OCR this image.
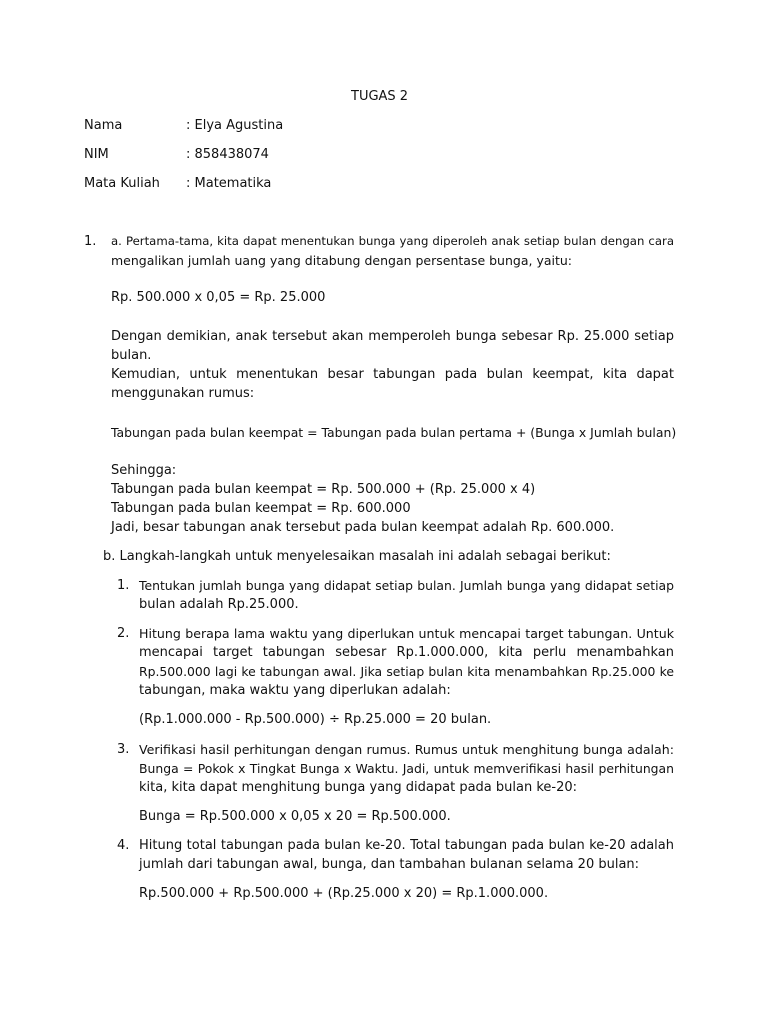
TUGAS 2
Nama	: Elya Agustina
NIM	: 858438074
Mata Kuliah : Matematika
1. a. Pertama-tama, kita dapat menentukan bunga yang diperoleh anak setiap bulan dengan cara
mengalikan jumlah uang yang ditabung dengan persentase bunga, yaitu:
Rp. 500.000 x 0,05 = Rp. 25.000
Dengan demikian, anak tersebut akan memperoleh bunga sebesar Rp. 25.000 setiap
bulan.
Kemudian, untuk menentukan besar tabungan pada bulan keempat, kita dapat
menggunakan rumus:
Tabungan pada bulan keempat = Tabungan pada bulan pertama + (Bunga x Jumlah bulan)
Sehingga:
Tabungan pada bulan keempat = Rp. 500.000 + (Rp. 25.000 x 4)
Tabungan pada bulan keempat = Rp. 600.000
Jadi, besar tabungan anak tersebut pada bulan keempat adalah Rp. 600.000.
b. Langkah-langkah untuk menyelesaikan masalah ini adalah sebagai berikut:
1. Tentukan jumlah bunga yang didapat setiap bulan. Jumlah bunga yang didapat setiap
bulan adalah Rp.25.000.
2. Hitung berapa lama waktu yang diperlukan untuk mencapai target tabungan. Untuk
mencapai target tabungan sebesar Rp.1.000.000, kita perlu menambahkan
Rp.500.000 lagi ke tabungan awal. Jika setiap bulan kita menambahkan Rp.25.000 ke
tabungan, maka waktu yang diperlukan adalah:
(Rp.1.000.000 - Rp.500.000) ÷ Rp.25.000 = 20 bulan.
3. Verifikasi hasil perhitungan dengan rumus. Rumus untuk menghitung bunga adalah:
Bunga = Pokok x Tingkat Bunga x Waktu. Jadi, untuk memverifikasi hasil perhitungan
kita, kita dapat menghitung bunga yang didapat pada bulan ke-20:
Bunga = Rp.500.000 x 0,05 x 20 = Rp.500.000.
4. Hitung total tabungan pada bulan ke-20. Total tabungan pada bulan ke-20 adalah
jumlah dari tabungan awal, bunga, dan tambahan bulanan selama 20 bulan:
Rp.500.000 + Rp.500.000 + (Rp.25.000 x 20) = Rp.1.000.000.
